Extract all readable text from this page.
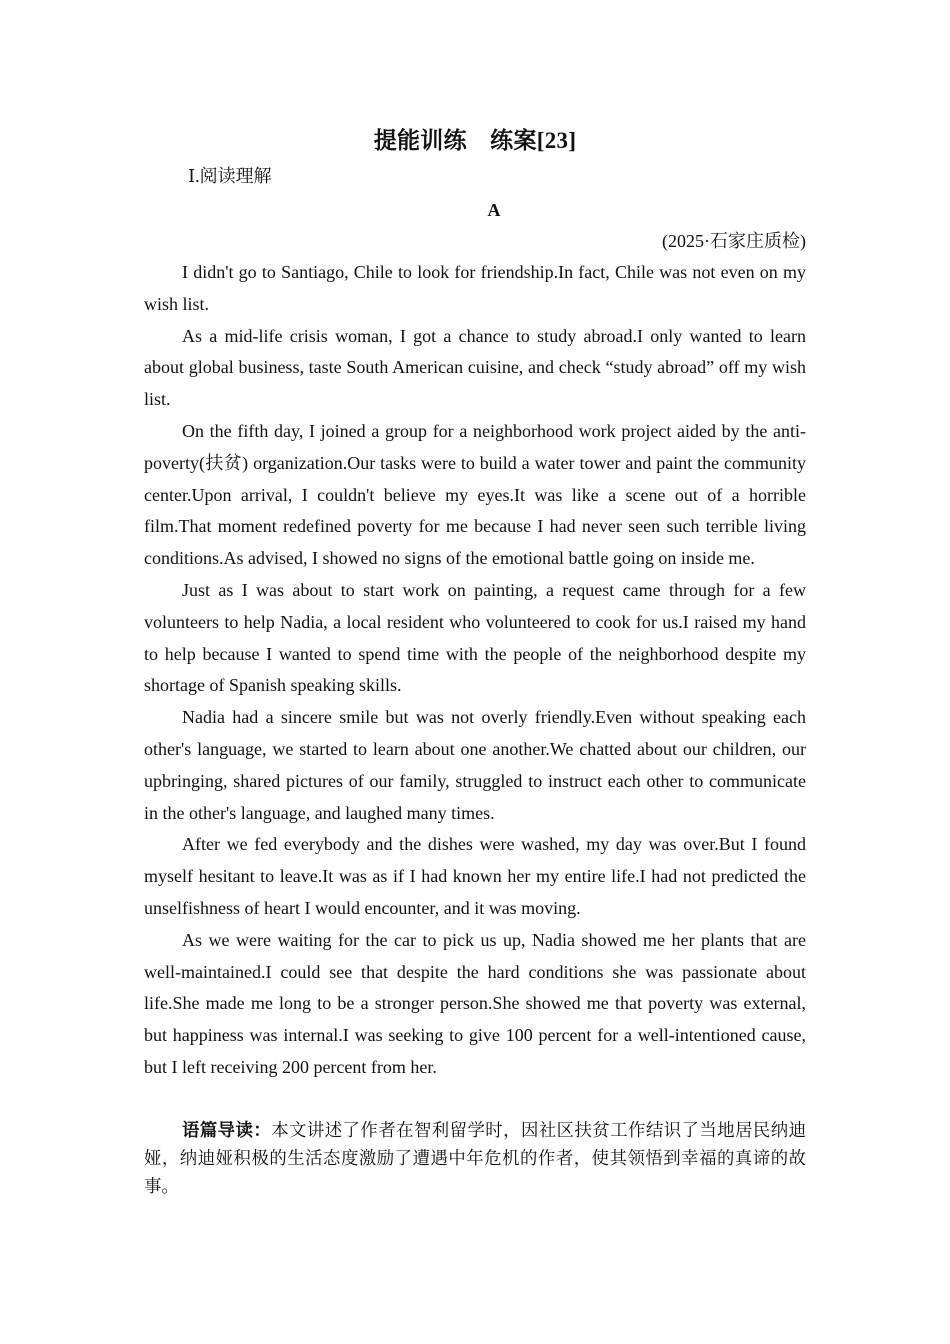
提能训练　练案[23]
Ⅰ.阅读理解
A
(2025·石家庄质检)

I didn't go to Santiago, Chile to look for friendship.In fact, Chile was not even on my wish list.

As a mid-life crisis woman, I got a chance to study abroad.I only wanted to learn about global business, taste South American cuisine, and check “study abroad” off my wish list.

On the fifth day, I joined a group for a neighborhood work project aided by the anti-poverty(扶贫) organization.Our tasks were to build a water tower and paint the community center.Upon arrival, I couldn't believe my eyes.It was like a scene out of a horrible film.That moment redefined poverty for me because I had never seen such terrible living conditions.As advised, I showed no signs of the emotional battle going on inside me.

Just as I was about to start work on painting, a request came through for a few volunteers to help Nadia, a local resident who volunteered to cook for us.I raised my hand to help because I wanted to spend time with the people of the neighborhood despite my shortage of Spanish speaking skills.

Nadia had a sincere smile but was not overly friendly.Even without speaking each other's language, we started to learn about one another.We chatted about our children, our upbringing, shared pictures of our family, struggled to instruct each other to communicate in the other's language, and laughed many times.

After we fed everybody and the dishes were washed, my day was over.But I found myself hesitant to leave.It was as if I had known her my entire life.I had not predicted the unselfishness of heart I would encounter, and it was moving.

As we were waiting for the car to pick us up, Nadia showed me her plants that are well-maintained.I could see that despite the hard conditions she was passionate about life.She made me long to be a stronger person.She showed me that poverty was external, but happiness was internal.I was seeking to give 100 percent for a well-intentioned cause, but I left receiving 200 percent from her.

语篇导读：本文讲述了作者在智利留学时，因社区扶贫工作结识了当地居民纳迪娅，纳迪娅积极的生活态度激励了遭遇中年危机的作者，使其领悟到幸福的真谛的故事。
